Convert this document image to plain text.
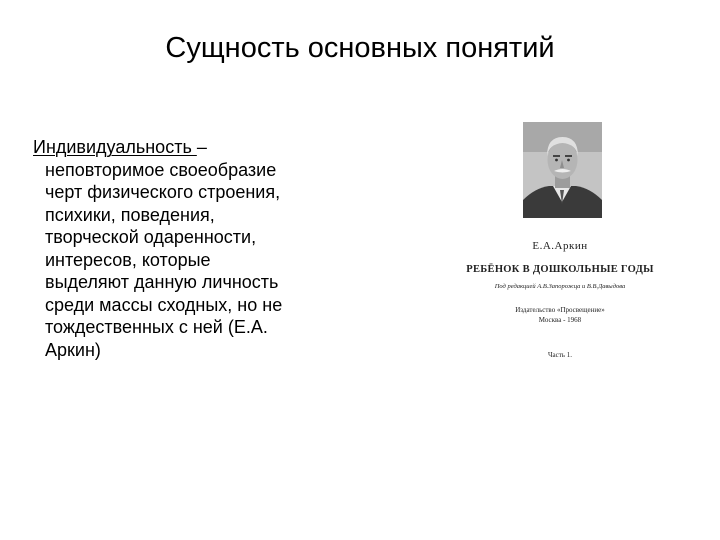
Сущность основных понятий
Индивидуальность –
неповторимое своеобразие
черт физического строения,
психики, поведения,
творческой одаренности,
интересов, которые
выделяют данную личность
среди массы сходных, но не
тождественных с ней (Е.А.
Аркин)
Е.А.Аркин
РЕБЁНОК В ДОШКОЛЬНЫЕ ГОДЫ
Под редакцией А.В.Запорожца и В.В.Давыдова
Издательство «Просвещение»
Москва - 1968
Часть 1.
